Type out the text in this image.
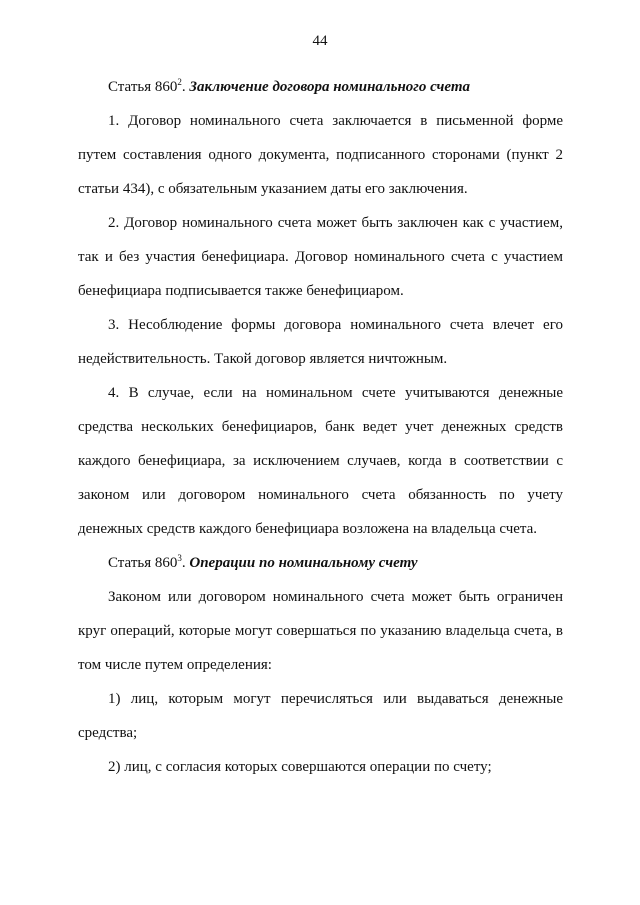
44

Статья $860^2$. Заключение договора номинального счета

1. Договор номинального счета заключается в письменной форме путем составления одного документа, подписанного сторонами (пункт 2 статьи 434), с обязательным указанием даты его заключения.

2. Договор номинального счета может быть заключен как с участием, так и без участия бенефициара. Договор номинального счета с участием бенефициара подписывается также бенефициаром.

3. Несоблюдение формы договора номинального счета влечет его недействительность. Такой договор является ничтожным.

4. В случае, если на номинальном счете учитываются денежные средства нескольких бенефициаров, банк ведет учет денежных средств каждого бенефициара, за исключением случаев, когда в соответствии с законом или договором номинального счета обязанность по учету денежных средств каждого бенефициара возложена на владельца счета.

Статья $860^3$. Операции по номинальному счету

Законом или договором номинального счета может быть ограничен круг операций, которые могут совершаться по указанию владельца счета, в том числе путем определения:

1) лиц, которым могут перечисляться или выдаваться денежные средства;

2) лиц, с согласия которых совершаются операции по счету;
